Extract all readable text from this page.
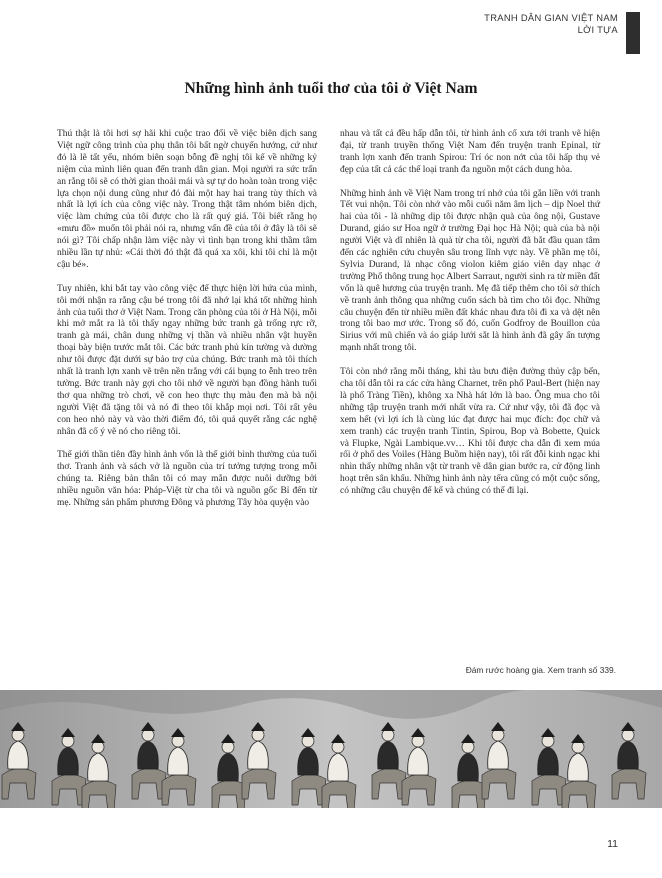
TRANH DÂN GIAN VIỆT NAM
LỜI TỰA
Những hình ảnh tuổi thơ của tôi ở Việt Nam

Thú thật là tôi hơi sợ hãi khi cuộc trao đổi về việc biên dịch sang Việt ngữ công trình của phụ thân tôi bất ngờ chuyển hướng, cứ như đó là lẽ tất yếu, nhóm biên soạn bỗng đề nghị tôi kể về những kỷ niệm của mình liên quan đến tranh dân gian. Mọi người ra sức trấn an rằng tôi sẽ có thời gian thoải mái và sự tự do hoàn toàn trong việc lựa chọn nội dung cũng như đó đài một hay hai trang tùy thích và nhất là lợi ích của công việc này. Trong thật tâm nhóm biên dịch, việc làm chứng của tôi được cho là rất quý giá. Tôi biết rằng họ «mưu đồ» muốn tôi phải nói ra, nhưng vấn đề của tôi ở đây là tôi sẽ nói gì? Tôi chấp nhận làm việc này vì tình bạn trong khi thầm tâm nhiều lần tự nhủ: «Cái thời đó thật đã quá xa xôi, khi tôi chỉ là một cậu bé».

Tuy nhiên, khi bắt tay vào công việc để thực hiện lời hứa của mình, tôi mới nhận ra rằng cậu bé trong tôi đã nhớ lại khá tốt những hình ảnh của tuổi thơ ở Việt Nam. Trong căn phòng của tôi ở Hà Nội, mỗi khi mở mắt ra là tôi thấy ngay những bức tranh gà trống rực rỡ, tranh gà mái, chân dung những vị thần và nhiều nhân vật huyền thoại bày biện trước mắt tôi. Các bức tranh phủ kín tường và dường như tôi được đặt dưới sự bảo trợ của chúng. Bức tranh mà tôi thích nhất là tranh lợn xanh vẽ trên nền trắng với cái bụng to ễnh treo trên tường. Bức tranh này gợi cho tôi nhớ về người bạn đồng hành tuổi thơ qua những trò chơi, vẽ con heo thực thụ màu đen mà bà nội người Việt đã tặng tôi và nó đi theo tôi khắp mọi nơi. Tôi rất yêu con heo nhỏ này và vào thời điểm đó, tôi quả quyết rằng các nghệ nhân đã cố ý vẽ nó cho riêng tôi.

Thế giới thần tiên đầy hình ảnh vốn là thế giới bình thường của tuổi thơ. Tranh ảnh và sách vở là nguồn của trí tưởng tượng trong mỗi chúng ta. Riêng bản thân tôi có may mắn được nuôi dưỡng bởi nhiều nguồn văn hóa: Pháp-Việt từ cha tôi và nguồn gốc Bỉ đến từ mẹ. Những sản phẩm phương Đông và phương Tây hòa quyện vào

nhau và tất cả đều hấp dẫn tôi, từ hình ảnh cổ xưa tới tranh vẽ hiện đại, từ tranh truyền thống Việt Nam đến truyện tranh Epinal, từ tranh lợn xanh đến tranh Spirou: Trí óc non nớt của tôi hấp thụ vẻ đẹp của tất cả các thể loại tranh đa nguồn một cách dung hòa.

Những hình ảnh về Việt Nam trong trí nhớ của tôi gắn liền với tranh Tết vui nhộn. Tôi còn nhớ vào mỗi cuối năm âm lịch – dịp Noel thứ hai của tôi - là những dịp tôi được nhận quà của ông nội, Gustave Durand, giáo sư Hoa ngữ ở trường Đại học Hà Nội; quà của bà nội người Việt và dĩ nhiên là quà từ cha tôi, người đã bắt đầu quan tâm đến các nghiên cứu chuyên sâu trong lĩnh vực này. Về phần mẹ tôi, Sylvia Durand, là nhạc công violon kiêm giáo viên dạy nhạc ở trường Phổ thông trung học Albert Sarraut, người sinh ra từ miền đất vốn là quê hương của truyện tranh. Mẹ đã tiếp thêm cho tôi sở thích về tranh ảnh thông qua những cuốn sách bà tìm cho tôi đọc. Những câu chuyện đến từ nhiều miền đất khác nhau đưa tôi đi xa và dệt nên trong tôi bao mơ ước. Trong số đó, cuốn Godfroy de Bouillon của Sirius với mũ chiến và áo giáp lưới sắt là hình ảnh đã gây ấn tượng mạnh nhất trong tôi.

Tôi còn nhớ rằng mỗi tháng, khi tàu bưu điện đường thủy cập bến, cha tôi dẫn tôi ra các cửa hàng Charnet, trên phố Paul-Bert (hiện nay là phố Tràng Tiền), không xa Nhà hát lớn là bao. Ông mua cho tôi những tập truyện tranh mới nhất vừa ra. Cứ như vậy, tôi đã đọc và xem hết (vì lợi ích là cùng lúc đạt được hai mục đích: đọc chữ và xem tranh) các truyện tranh Tintin, Spirou, Bop và Bobette, Quick và Flupke, Ngài Lambique.vv… Khi tôi được cha dẫn đi xem múa rối ở phố des Voiles (Hàng Buồm hiện nay), tôi rất đỗi kinh ngạc khi nhìn thấy những nhân vật từ tranh vẽ dân gian bước ra, cử động linh hoạt trên sân khấu. Những hình ảnh này tếra cũng có một cuộc sống, có những câu chuyện để kể và chúng có thể đi lại.

Đám rước hoàng gia. Xem tranh số 339.
11
